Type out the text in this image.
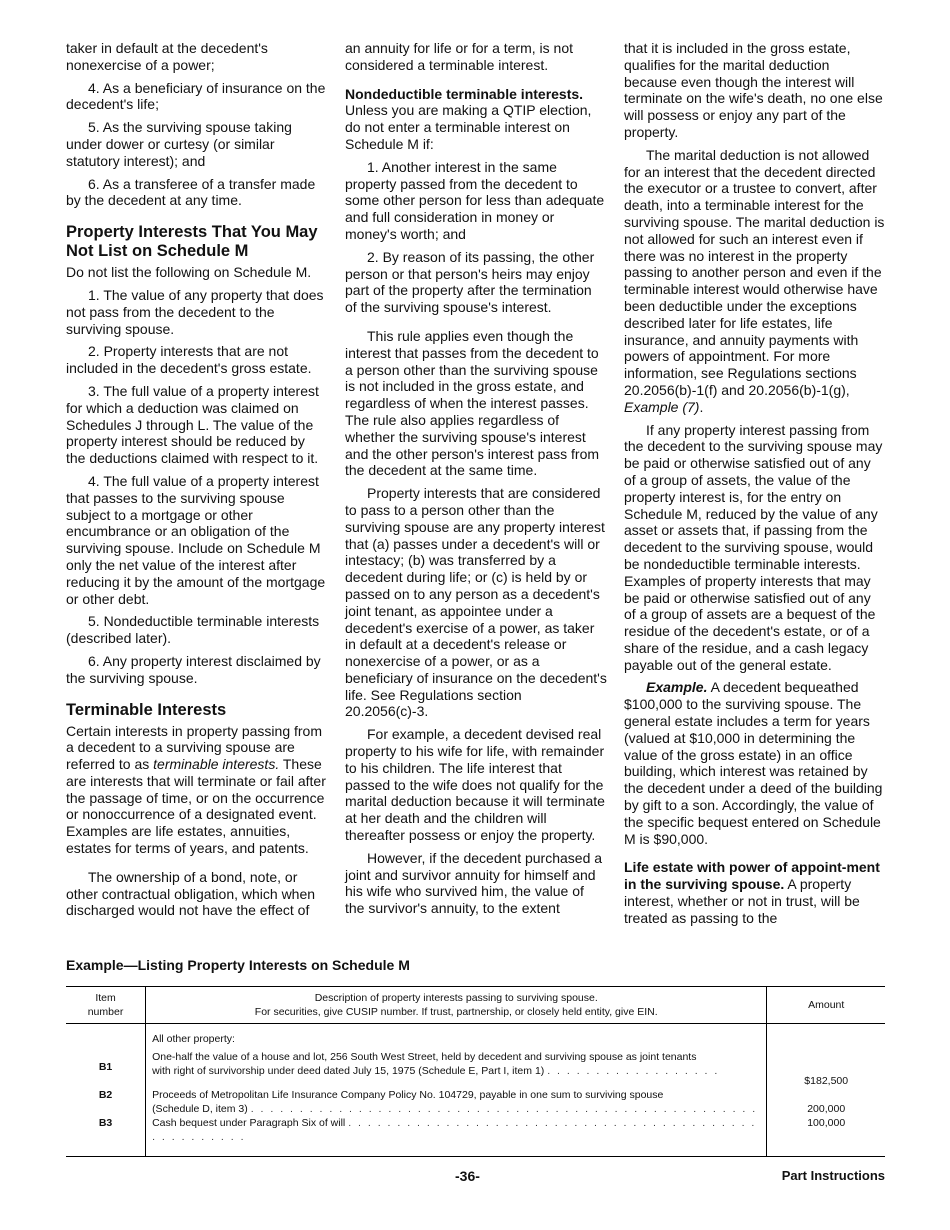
taker in default at the decedent's nonexercise of a power;

4. As a beneficiary of insurance on the decedent's life;

5. As the surviving spouse taking under dower or curtesy (or similar statutory interest); and

6. As a transferee of a transfer made by the decedent at any time.

Property Interests That You May Not List on Schedule M

Do not list the following on Schedule M.

1. The value of any property that does not pass from the decedent to the surviving spouse.

2. Property interests that are not included in the decedent's gross estate.

3. The full value of a property interest for which a deduction was claimed on Schedules J through L. The value of the property interest should be reduced by the deductions claimed with respect to it.

4. The full value of a property interest that passes to the surviving spouse subject to a mortgage or other encumbrance or an obligation of the surviving spouse. Include on Schedule M only the net value of the interest after reducing it by the amount of the mortgage or other debt.

5. Nondeductible terminable interests (described later).

6. Any property interest disclaimed by the surviving spouse.

Terminable Interests

Certain interests in property passing from a decedent to a surviving spouse are referred to as terminable interests. These are interests that will terminate or fail after the passage of time, or on the occurrence or nonoccurrence of a designated event. Examples are life estates, annuities, estates for terms of years, and patents.

The ownership of a bond, note, or other contractual obligation, which when discharged would not have the effect of

an annuity for life or for a term, is not considered a terminable interest.

Nondeductible terminable interests. Unless you are making a QTIP election, do not enter a terminable interest on Schedule M if:

1. Another interest in the same property passed from the decedent to some other person for less than adequate and full consideration in money or money's worth; and

2. By reason of its passing, the other person or that person's heirs may enjoy part of the property after the termination of the surviving spouse's interest.

This rule applies even though the interest that passes from the decedent to a person other than the surviving spouse is not included in the gross estate, and regardless of when the interest passes. The rule also applies regardless of whether the surviving spouse's interest and the other person's interest pass from the decedent at the same time.

Property interests that are considered to pass to a person other than the surviving spouse are any property interest that (a) passes under a decedent's will or intestacy; (b) was transferred by a decedent during life; or (c) is held by or passed on to any person as a decedent's joint tenant, as appointee under a decedent's exercise of a power, as taker in default at a decedent's release or nonexercise of a power, or as a beneficiary of insurance on the decedent's life. See Regulations section 20.2056(c)-3.

For example, a decedent devised real property to his wife for life, with remainder to his children. The life interest that passed to the wife does not qualify for the marital deduction because it will terminate at her death and the children will thereafter possess or enjoy the property.

However, if the decedent purchased a joint and survivor annuity for himself and his wife who survived him, the value of the survivor's annuity, to the extent

that it is included in the gross estate, qualifies for the marital deduction because even though the interest will terminate on the wife's death, no one else will possess or enjoy any part of the property.

The marital deduction is not allowed for an interest that the decedent directed the executor or a trustee to convert, after death, into a terminable interest for the surviving spouse. The marital deduction is not allowed for such an interest even if there was no interest in the property passing to another person and even if the terminable interest would otherwise have been deductible under the exceptions described later for life estates, life insurance, and annuity payments with powers of appointment. For more information, see Regulations sections 20.2056(b)-1(f) and 20.2056(b)-1(g), Example (7).

If any property interest passing from the decedent to the surviving spouse may be paid or otherwise satisfied out of any of a group of assets, the value of the property interest is, for the entry on Schedule M, reduced by the value of any asset or assets that, if passing from the decedent to the surviving spouse, would be nondeductible terminable interests. Examples of property interests that may be paid or otherwise satisfied out of any of a group of assets are a bequest of the residue of the decedent's estate, or of a share of the residue, and a cash legacy payable out of the general estate.

Example. A decedent bequeathed $100,000 to the surviving spouse. The general estate includes a term for years (valued at $10,000 in determining the value of the gross estate) in an office building, which interest was retained by the decedent under a deed of the building by gift to a son. Accordingly, the value of the specific bequest entered on Schedule M is $90,000.

Life estate with power of appoint-ment in the surviving spouse. A property interest, whether or not in trust, will be treated as passing to the

Example—Listing Property Interests on Schedule M
Item
number	Description of property interests passing to surviving spouse.
For securities, give CUSIP number. If trust, partnership, or closely held entity, give EIN.	Amount

B1	All other property:
One-half the value of a house and lot, 256 South West Street, held by decedent and surviving spouse as joint tenants
with right of survivorship under deed dated July 15, 1975 (Schedule E, Part I, item 1) . . . . . . . . . . . . . . . . . .	$182,500

B2	Proceeds of Metropolitan Life Insurance Company Policy No. 104729, payable in one sum to surviving spouse
(Schedule D, item 3) . . . . . . . . . . . . . . . . . . . . . . . . . . . . . . . . . . . . . . . . . . . . . . . . . . . .	200,000

B3	Cash bequest under Paragraph Six of will . . . . . . . . . . . . . . . . . . . . . . . . . . . . . . . . . . . . . . . . . . . . . . . . . . . .	100,000
-36-	Part Instructions
